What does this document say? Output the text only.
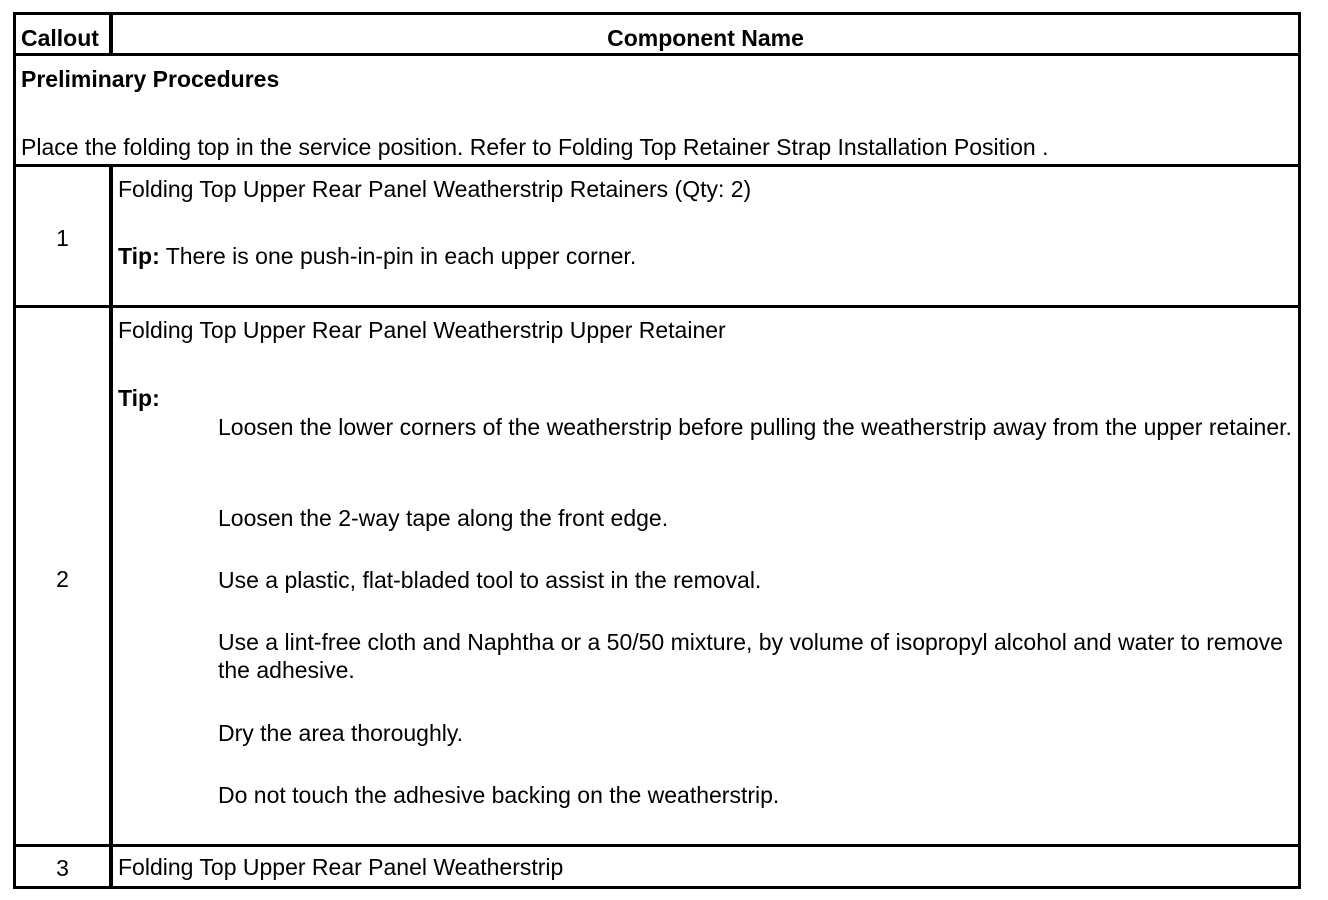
Callout	Component Name
Preliminary Procedures
Place the folding top in the service position. Refer to Folding Top Retainer Strap Installation Position .
1
Folding Top Upper Rear Panel Weatherstrip Retainers (Qty: 2)
Tip: There is one push-in-pin in each upper corner.
2
Folding Top Upper Rear Panel Weatherstrip Upper Retainer
Tip:
Loosen the lower corners of the weatherstrip before pulling the weatherstrip away from the upper retainer.
Loosen the 2-way tape along the front edge.
Use a plastic, flat-bladed tool to assist in the removal.
Use a lint-free cloth and Naphtha or a 50/50 mixture, by volume of isopropyl alcohol and water to remove the adhesive.
Dry the area thoroughly.
Do not touch the adhesive backing on the weatherstrip.
3	Folding Top Upper Rear Panel Weatherstrip
